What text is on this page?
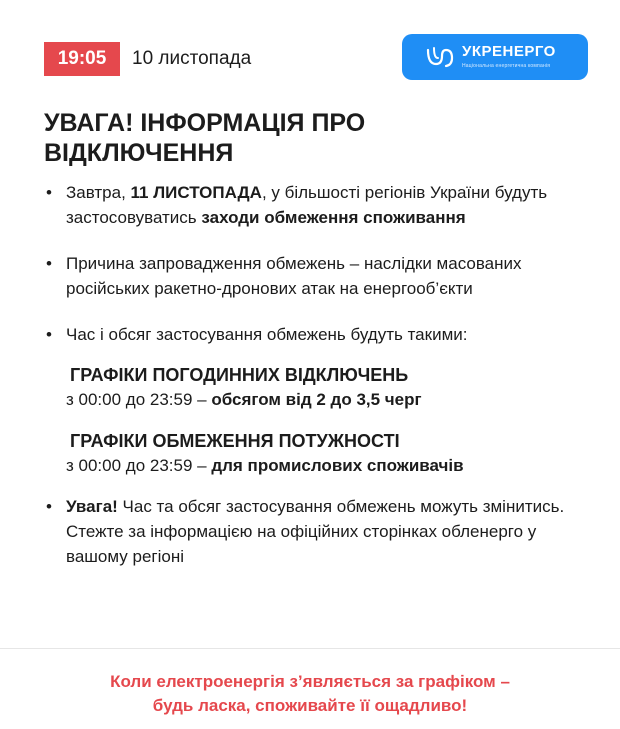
19:05	10 листопада	УКРЕНЕРГО
Національна енергетична компанія
УВАГА! ІНФОРМАЦІЯ ПРО
ВІДКЛЮЧЕННЯ
• Завтра, 11 ЛИСТОПАДА, у більшості регіонів України будуть застосовуватись заходи обмеження споживання
• Причина запровадження обмежень – наслідки масованих російських ракетно-дронових атак на енергооб’єкти
• Час і обсяг застосування обмежень будуть такими:
ГРАФІКИ ПОГОДИННИХ ВІДКЛЮЧЕНЬ
з 00:00 до 23:59 – обсягом від 2 до 3,5 черг
ГРАФІКИ ОБМЕЖЕННЯ ПОТУЖНОСТІ
з 00:00 до 23:59 – для промислових споживачів
• Увага! Час та обсяг застосування обмежень можуть змінитись. Стежте за інформацією на офіційних сторінках обленерго у вашому регіоні
Коли електроенергія з’являється за графіком –
будь ласка, споживайте її ощадливо!
